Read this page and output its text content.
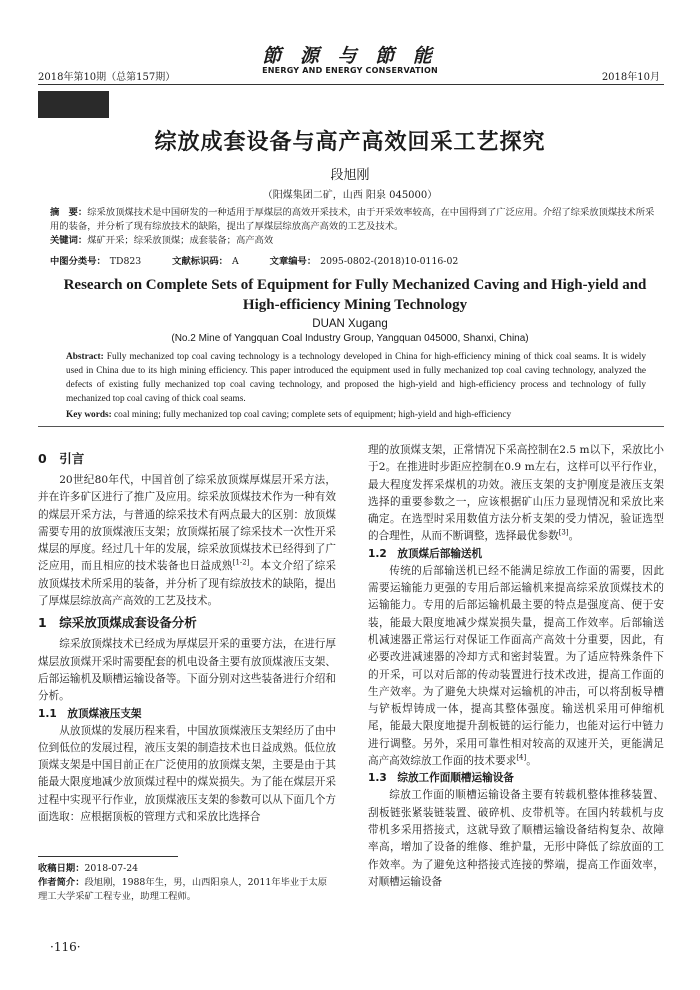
2018年第10期（总第157期）
節 源 与 節 能
ENERGY AND ENERGY CONSERVATION
2018年10月
综放成套设备与高产高效回采工艺探究
段旭刚
（阳煤集团二矿，山西 阳泉 045000）
摘　要：综采放顶煤技术是中国研发的一种适用于厚煤层的高效开采技术，由于开采效率较高，在中国得到了广泛应用。介绍了综采放顶煤技术所采用的装备，并分析了现有综放技术的缺陷，提出了厚煤层综放高产高效的工艺及技术。
关键词：煤矿开采；综采放顶煤；成套装备；高产高效
中图分类号： TD823	文献标识码： A	文章编号： 2095-0802-(2018)10-0116-02
Research on Complete Sets of Equipment for Fully Mechanized Caving and High-yield and High-efficiency Mining Technology
DUAN Xugang
(No.2 Mine of Yangquan Coal Industry Group, Yangquan 045000, Shanxi, China)
Abstract: Fully mechanized top coal caving technology is a technology developed in China for high-efficiency mining of thick coal seams. It is widely used in China due to its high mining efficiency. This paper introduced the equipment used in fully mechanized top coal caving technology, analyzed the defects of existing fully mechanized top coal caving technology, and proposed the high-yield and high-efficiency process and technology of fully mechanized top coal caving of thick coal seams.
Key words: coal mining; fully mechanized top coal caving; complete sets of equipment; high-yield and high-efficiency
0　引言

20世纪80年代，中国首创了综采放顶煤厚煤层开采方法，并在许多矿区进行了推广及应用。综采放顶煤技术作为一种有效的煤层开采方法，与普通的综采技术有两点最大的区别：放顶煤需要专用的放顶煤液压支架；放顶煤拓展了综采技术一次性开采煤层的厚度。经过几十年的发展，综采放顶煤技术已经得到了广泛应用，而且相应的技术装备也日益成熟[1-2]。本文介绍了综采放顶煤技术所采用的装备，并分析了现有综放技术的缺陷，提出了厚煤层综放高产高效的工艺及技术。

1　综采放顶煤成套设备分析

综采放顶煤技术已经成为厚煤层开采的重要方法，在进行厚煤层放顶煤开采时需要配套的机电设备主要有放顶煤液压支架、后部运输机及顺槽运输设备等。下面分别对这些装备进行介绍和分析。

1.1　放顶煤液压支架

从放顶煤的发展历程来看，中国放顶煤液压支架经历了由中位到低位的发展过程，液压支架的制造技术也日益成熟。低位放顶煤支架是中国目前正在广泛使用的放顶煤支架，主要是由于其能最大限度地减少放顶煤过程中的煤炭损失。为了能在煤层开采过程中实现平行作业，放顶煤液压支架的参数可以从下面几个方面选取：应根据顶板的管理方式和采放比选择合

理的放顶煤支架，正常情况下采高控制在2.5 m以下，采放比小于2。在推进时步距应控制在0.9 m左右，这样可以平行作业，最大程度发挥采煤机的功效。液压支架的支护刚度是液压支架选择的重要参数之一，应该根据矿山压力显现情况和采放比来确定。在选型时采用数值方法分析支架的受力情况，验证选型的合理性，从而不断调整，选择最优参数[3]。

1.2　放顶煤后部输送机

传统的后部输送机已经不能满足综放工作面的需要，因此需要运输能力更强的专用后部运输机来提高综采放顶煤技术的运输能力。专用的后部运输机最主要的特点是强度高、便于安装，能最大限度地减少煤炭损失量，提高工作效率。后部输送机减速器正常运行对保证工作面高产高效十分重要，因此，有必要改进减速器的冷却方式和密封装置。为了适应特殊条件下的开采，可以对后部的传动装置进行技术改进，提高工作面的生产效率。为了避免大块煤对运输机的冲击，可以将刮板导槽与铲板焊铸成一体，提高其整体强度。输送机采用可伸缩机尾，能最大限度地提升刮板链的运行能力，也能对运行中链力进行调整。另外，采用可靠性相对较高的双速开关，更能满足高产高效综放工作面的技术要求[4]。

1.3　综放工作面顺槽运输设备

综放工作面的顺槽运输设备主要有转载机整体推移装置、刮板链张紧装链装置、破碎机、皮带机等。在国内转载机与皮带机多采用搭接式，这就导致了顺槽运输设备结构复杂、故障率高，增加了设备的维修、维护量，无形中降低了综放面的工作效率。为了避免这种搭接式连接的弊端，提高工作面效率，对顺槽运输设备

收稿日期：2018-07-24
作者简介：段旭刚，1988年生，男，山西阳泉人，2011年毕业于太原理工大学采矿工程专业，助理工程师。
·116·
